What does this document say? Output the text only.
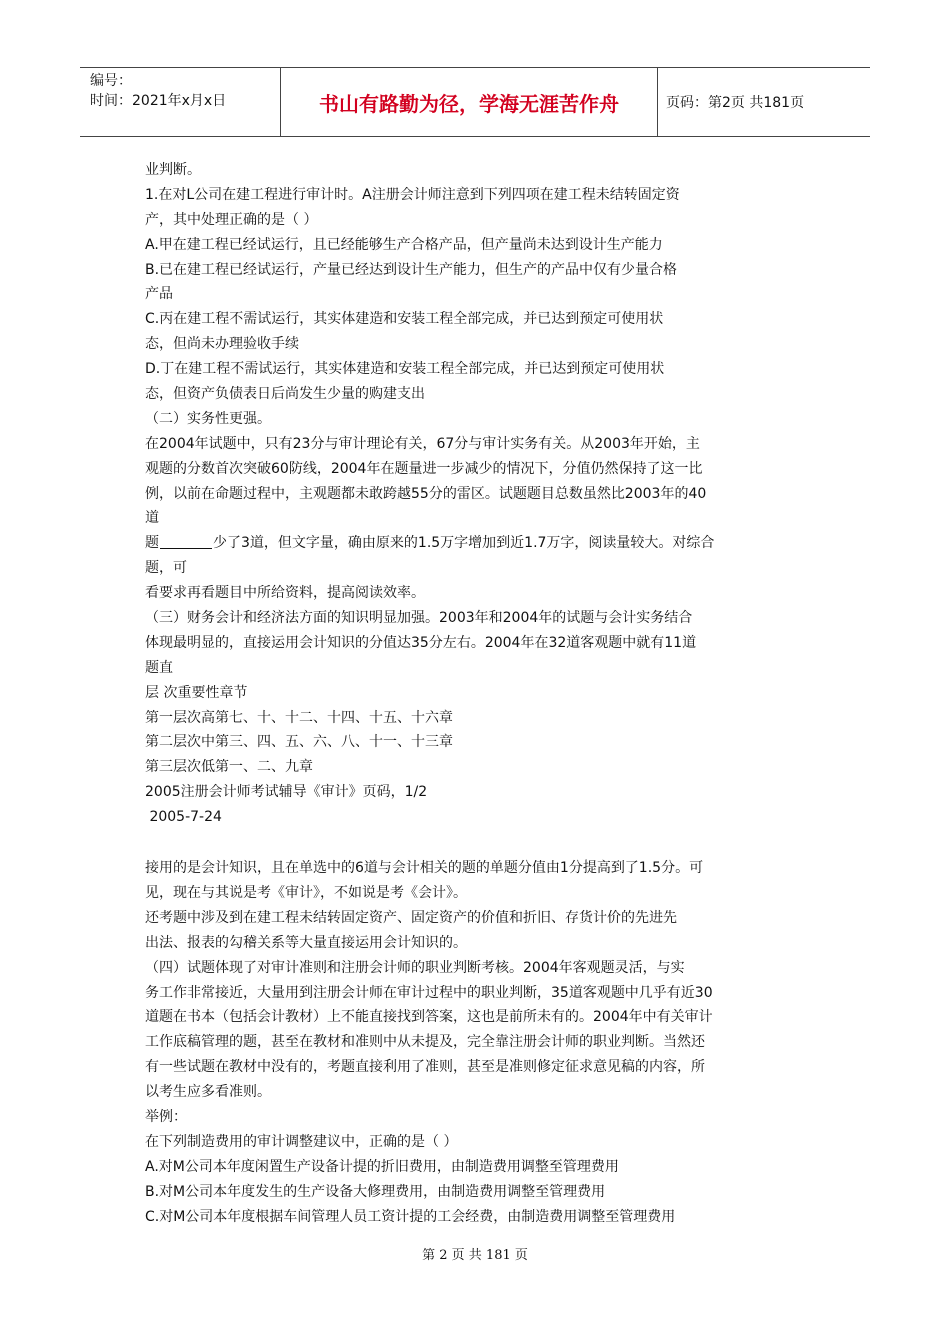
编号：
时间：2021年x月x日	书山有路勤为径，学海无涯苦作舟	页码：第2页 共181页
业判断。
1.在对L公司在建工程进行审计时。A注册会计师注意到下列四项在建工程未结转固定资
产，其中处理正确的是（ ）
A.甲在建工程已经试运行，且已经能够生产合格产品，但产量尚未达到设计生产能力
B.已在建工程已经试运行，产量已经达到设计生产能力，但生产的产品中仅有少量合格
产品
C.丙在建工程不需试运行，其实体建造和安装工程全部完成，并已达到预定可使用状
态，但尚未办理验收手续
D.丁在建工程不需试运行，其实体建造和安装工程全部完成，并已达到预定可使用状
态，但资产负债表日后尚发生少量的购建支出
（二）实务性更强。
在2004年试题中，只有23分与审计理论有关，67分与审计实务有关。从2003年开始，主
观题的分数首次突破60防线，2004年在题量进一步减少的情况下，分值仍然保持了这一比
例，以前在命题过程中，主观题都未敢跨越55分的雷区。试题题目总数虽然比2003年的40
道
题	少了3道，但文字量，确由原来的1.5万字增加到近1.7万字，阅读量较大。对综合
题，可
看要求再看题目中所给资料，提高阅读效率。
（三）财务会计和经济法方面的知识明显加强。2003年和2004年的试题与会计实务结合
体现最明显的，直接运用会计知识的分值达35分左右。2004年在32道客观题中就有11道
题直
层 次重要性章节
第一层次高第七、十、十二、十四、十五、十六章
第二层次中第三、四、五、六、八、十一、十三章
第三层次低第一、二、九章
2005注册会计师考试辅导《审计》页码，1/2
2005-7-24
接用的是会计知识，且在单选中的6道与会计相关的题的单题分值由1分提高到了1.5分。可
见，现在与其说是考《审计》，不如说是考《会计》。
还考题中涉及到在建工程未结转固定资产、固定资产的价值和折旧、存货计价的先进先
出法、报表的勾稽关系等大量直接运用会计知识的。
（四）试题体现了对审计准则和注册会计师的职业判断考核。2004年客观题灵活，与实
务工作非常接近，大量用到注册会计师在审计过程中的职业判断，35道客观题中几乎有近30
道题在书本（包括会计教材）上不能直接找到答案，这也是前所未有的。2004年中有关审计
工作底稿管理的题，甚至在教材和准则中从未提及，完全靠注册会计师的职业判断。当然还
有一些试题在教材中没有的，考题直接利用了准则，甚至是准则修定征求意见稿的内容，所
以考生应多看准则。
举例：
在下列制造费用的审计调整建议中，正确的是（ ）
A.对M公司本年度闲置生产设备计提的折旧费用，由制造费用调整至管理费用
B.对M公司本年度发生的生产设备大修理费用，由制造费用调整至管理费用
C.对M公司本年度根据车间管理人员工资计提的工会经费，由制造费用调整至管理费用
第 2 页 共 181 页
